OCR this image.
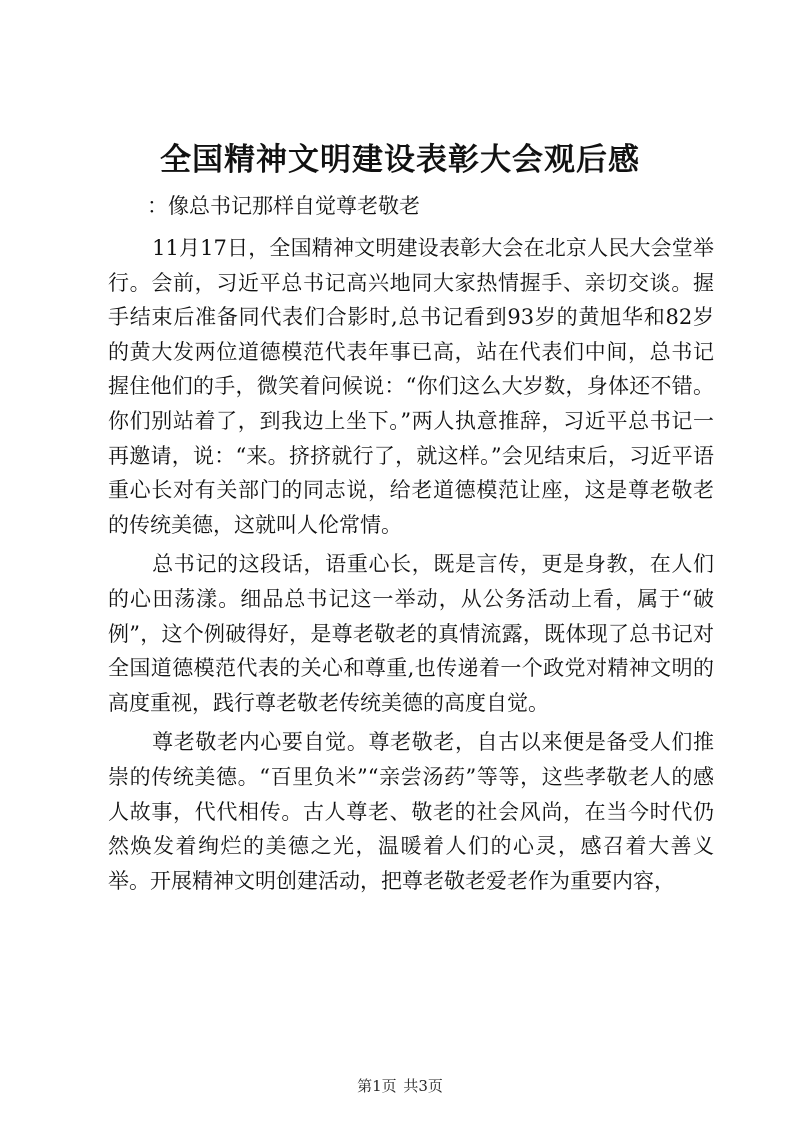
全国精神文明建设表彰大会观后感

：像总书记那样自觉尊老敬老

11月17日，全国精神文明建设表彰大会在北京人民大会堂举行。会前，习近平总书记高兴地同大家热情握手、亲切交谈。握手结束后准备同代表们合影时,总书记看到93岁的黄旭华和82岁的黄大发两位道德模范代表年事已高，站在代表们中间，总书记握住他们的手，微笑着问候说：“你们这么大岁数，身体还不错。你们别站着了，到我边上坐下。”两人执意推辞，习近平总书记一再邀请，说：“来。挤挤就行了，就这样。”会见结束后，习近平语重心长对有关部门的同志说，给老道德模范让座，这是尊老敬老的传统美德，这就叫人伦常情。

总书记的这段话，语重心长，既是言传，更是身教，在人们的心田荡漾。细品总书记这一举动，从公务活动上看，属于“破例”，这个例破得好，是尊老敬老的真情流露，既体现了总书记对全国道德模范代表的关心和尊重,也传递着一个政党对精神文明的高度重视，践行尊老敬老传统美德的高度自觉。

尊老敬老内心要自觉。尊老敬老，自古以来便是备受人们推崇的传统美德。“百里负米”“亲尝汤药”等等，这些孝敬老人的感人故事，代代相传。古人尊老、敬老的社会风尚，在当今时代仍然焕发着绚烂的美德之光，温暖着人们的心灵，感召着大善义举。开展精神文明创建活动，把尊老敬老爱老作为重要内容，

第1页 共3页
